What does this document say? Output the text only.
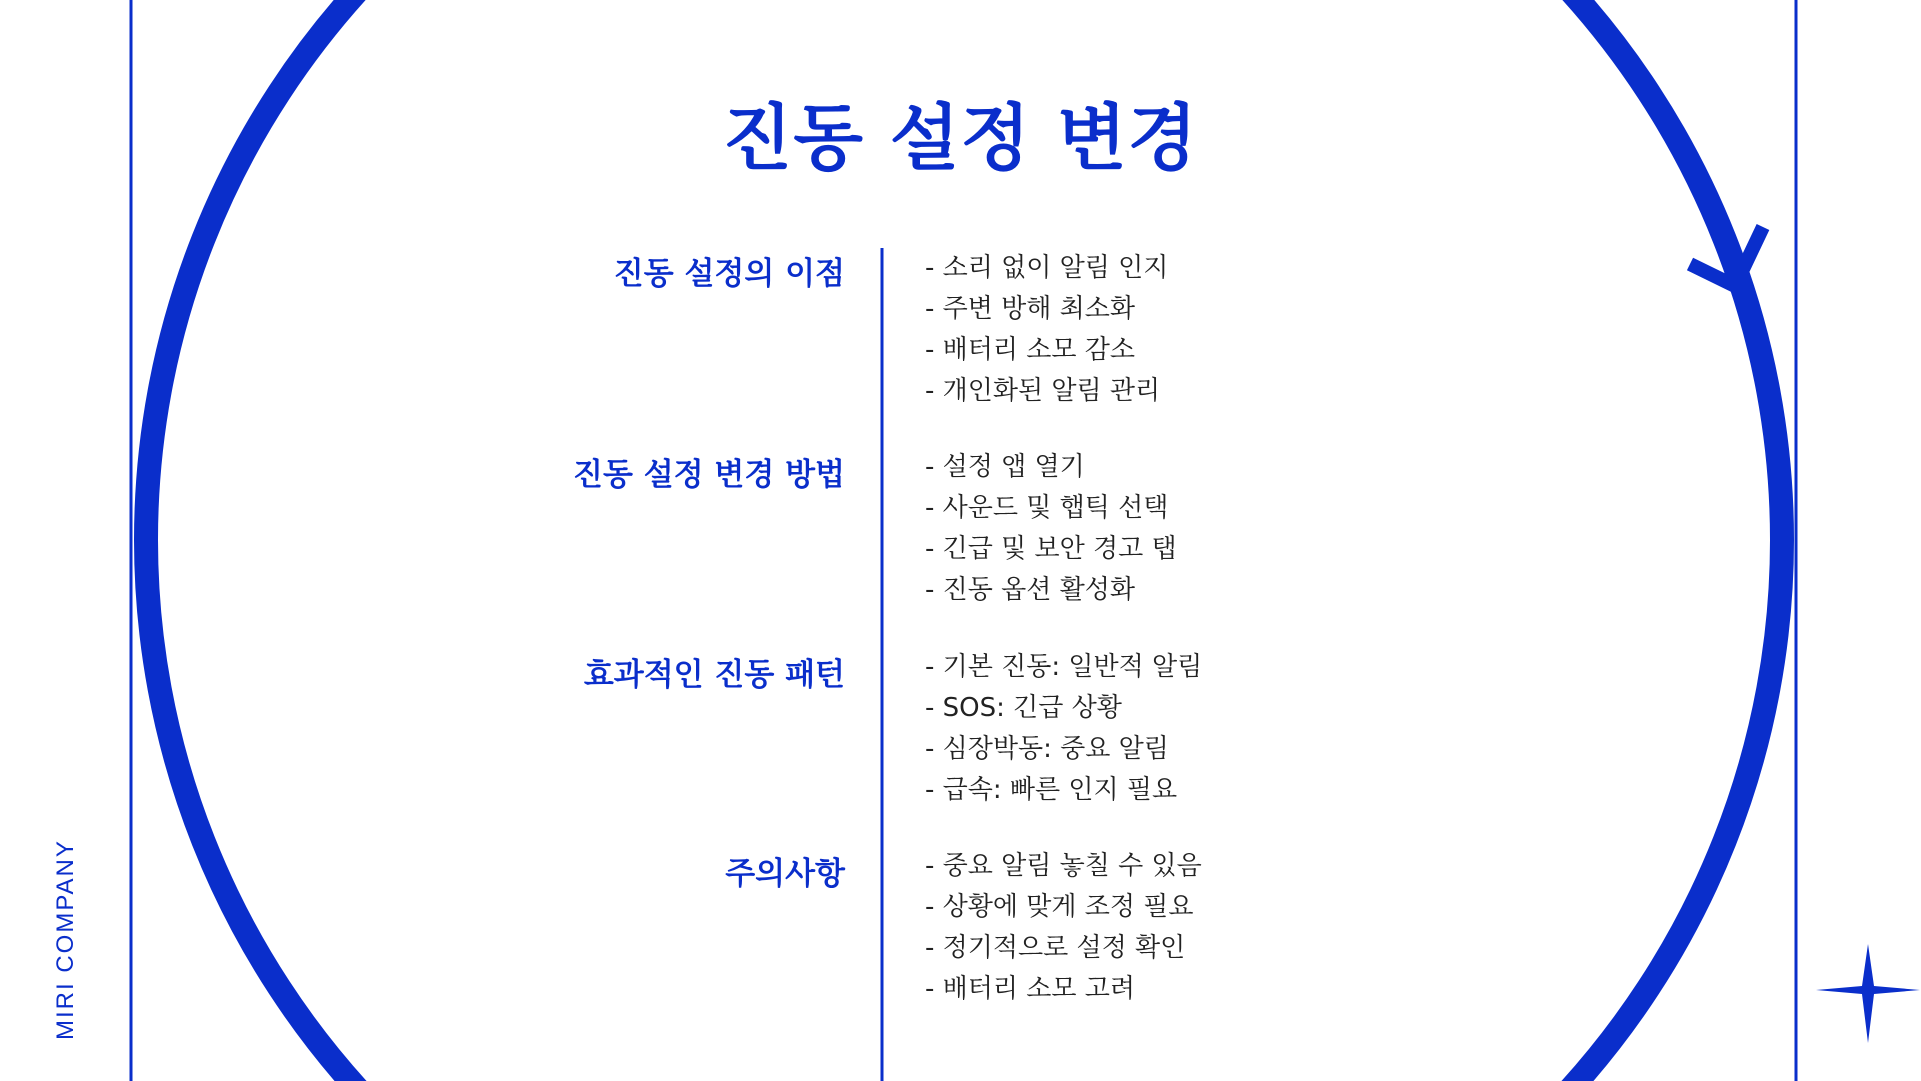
진동 설정 변경
MIRI COMPANY
진동 설정의 이점	- 소리 없이 알림 인지
- 주변 방해 최소화
- 배터리 소모 감소
- 개인화된 알림 관리
진동 설정 변경 방법	- 설정 앱 열기
- 사운드 및 햅틱 선택
- 긴급 및 보안 경고 탭
- 진동 옵션 활성화
효과적인 진동 패턴	- 기본 진동: 일반적 알림
- SOS: 긴급 상황
- 심장박동: 중요 알림
- 급속: 빠른 인지 필요
주의사항	- 중요 알림 놓칠 수 있음
- 상황에 맞게 조정 필요
- 정기적으로 설정 확인
- 배터리 소모 고려
